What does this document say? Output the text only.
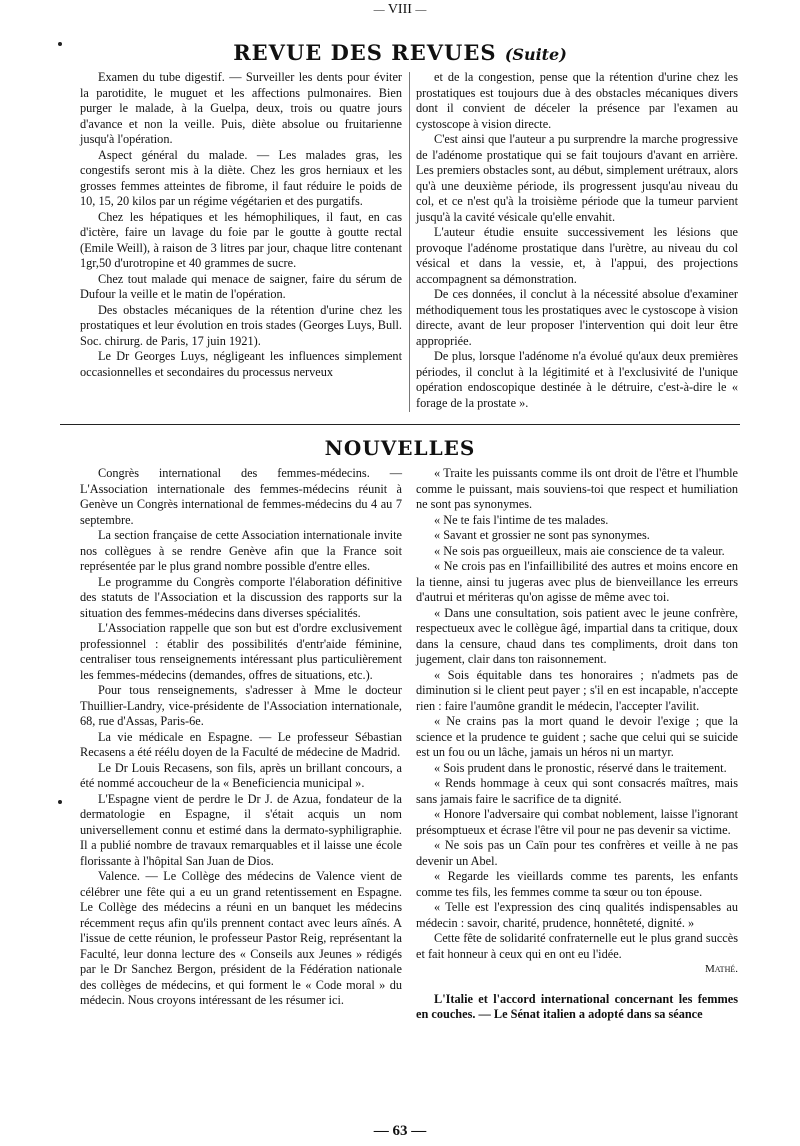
— VIII —
REVUE DES REVUES (Suite)

Examen du tube digestif. — Surveiller les dents pour éviter la parotidite, le muguet et les affections pulmonaires. Bien purger le malade, à la Guelpa, deux, trois ou quatre jours d'avance et non la veille. Puis, diète absolue ou fruitarienne jusqu'à l'opération.

Aspect général du malade. — Les malades gras, les congestifs seront mis à la diète. Chez les gros herniaux et les grosses femmes atteintes de fibrome, il faut réduire le poids de 10, 15, 20 kilos par un régime végétarien et des purgatifs.

Chez les hépatiques et les hémophiliques, il faut, en cas d'ictère, faire un lavage du foie par le goutte à goutte rectal (Emile Weill), à raison de 3 litres par jour, chaque litre contenant 1gr,50 d'urotropine et 40 grammes de sucre.

Chez tout malade qui menace de saigner, faire du sérum de Dufour la veille et le matin de l'opération.

Des obstacles mécaniques de la rétention d'urine chez les prostatiques et leur évolution en trois stades (Georges Luys, Bull. Soc. chirurg. de Paris, 17 juin 1921).

Le Dr Georges Luys, négligeant les influences simplement occasionnelles et secondaires du processus nerveux

et de la congestion, pense que la rétention d'urine chez les prostatiques est toujours due à des obstacles mécaniques divers dont il convient de déceler la présence par l'examen au cystoscope à vision directe.

C'est ainsi que l'auteur a pu surprendre la marche progressive de l'adénome prostatique qui se fait toujours d'avant en arrière. Les premiers obstacles sont, au début, simplement urétraux, alors qu'à une deuxième période, ils progressent jusqu'au niveau du col, et ce n'est qu'à la troisième période que la tumeur parvient jusqu'à la cavité vésicale qu'elle envahit.

L'auteur étudie ensuite successivement les lésions que provoque l'adénome prostatique dans l'urètre, au niveau du col vésical et dans la vessie, et, à l'appui, des projections accompagnent sa démonstration.

De ces données, il conclut à la nécessité absolue d'examiner méthodiquement tous les prostatiques avec le cystoscope à vision directe, avant de leur proposer l'intervention qui doit leur être appropriée.

De plus, lorsque l'adénome n'a évolué qu'aux deux premières périodes, il conclut à la légitimité et à l'exclusivité de l'unique opération endoscopique destinée à le détruire, c'est-à-dire le « forage de la prostate ».

NOUVELLES

Congrès international des femmes-médecins. — L'Association internationale des femmes-médecins réunit à Genève un Congrès international de femmes-médecins du 4 au 7 septembre.

La section française de cette Association internationale invite nos collègues à se rendre Genève afin que la France soit représentée par le plus grand nombre possible d'entre elles.

Le programme du Congrès comporte l'élaboration définitive des statuts de l'Association et la discussion des rapports sur la situation des femmes-médecins dans diverses spécialités.

L'Association rappelle que son but est d'ordre exclusivement professionnel : établir des possibilités d'entr'aide féminine, centraliser tous renseignements intéressant plus particulièrement les femmes-médecins (demandes, offres de situations, etc.).

Pour tous renseignements, s'adresser à Mme le docteur Thuillier-Landry, vice-présidente de l'Association internationale, 68, rue d'Assas, Paris-6e.

La vie médicale en Espagne. — Le professeur Sébastian Recasens a été réélu doyen de la Faculté de médecine de Madrid.

Le Dr Louis Recasens, son fils, après un brillant concours, a été nommé accoucheur de la « Beneficiencia municipal ».

L'Espagne vient de perdre le Dr J. de Azua, fondateur de la dermatologie en Espagne, il s'était acquis un nom universellement connu et estimé dans la dermato-syphiligraphie. Il a publié nombre de travaux remarquables et il laisse une école florissante à l'hôpital San Juan de Dios.

Valence. — Le Collège des médecins de Valence vient de célébrer une fête qui a eu un grand retentissement en Espagne. Le Collège des médecins a réuni en un banquet les médecins récemment reçus afin qu'ils prennent contact avec leurs aînés. A l'issue de cette réunion, le professeur Pastor Reig, représentant la Faculté, leur donna lecture des « Conseils aux Jeunes » rédigés par le Dr Sanchez Bergon, président de la Fédération nationale des collèges de médecins, et qui forment le « Code moral » du médecin. Nous croyons intéressant de les résumer ici.

« Traite les puissants comme ils ont droit de l'être et l'humble comme le puissant, mais souviens-toi que respect et humiliation ne sont pas synonymes.

« Ne te fais l'intime de tes malades.

« Savant et grossier ne sont pas synonymes.

« Ne sois pas orgueilleux, mais aie conscience de ta valeur.

« Ne crois pas en l'infaillibilité des autres et moins encore en la tienne, ainsi tu jugeras avec plus de bienveillance les erreurs d'autrui et mériteras qu'on agisse de même avec toi.

« Dans une consultation, sois patient avec le jeune confrère, respectueux avec le collègue âgé, impartial dans ta critique, doux dans la censure, chaud dans tes compliments, droit dans ton jugement, clair dans ton raisonnement.

« Sois équitable dans tes honoraires ; n'admets pas de diminution si le client peut payer ; s'il en est incapable, n'accepte rien : faire l'aumône grandit le médecin, l'accepter l'avilit.

« Ne crains pas la mort quand le devoir l'exige ; que la science et la prudence te guident ; sache que celui qui se suicide est un fou ou un lâche, jamais un héros ni un martyr.

« Sois prudent dans le pronostic, réservé dans le traitement.

« Rends hommage à ceux qui sont consacrés maîtres, mais sans jamais faire le sacrifice de ta dignité.

« Honore l'adversaire qui combat noblement, laisse l'ignorant présomptueux et écrase l'être vil pour ne pas devenir sa victime.

« Ne sois pas un Caïn pour tes confrères et veille à ne pas devenir un Abel.

« Regarde les vieillards comme tes parents, les enfants comme tes fils, les femmes comme ta sœur ou ton épouse.

« Telle est l'expression des cinq qualités indispensables au médecin : savoir, charité, prudence, honnêteté, dignité. »

Cette fête de solidarité confraternelle eut le plus grand succès et fait honneur à ceux qui en ont eu l'idée.

Mathé.

L'Italie et l'accord international concernant les femmes en couches. — Le Sénat italien a adopté dans sa séance

— 63 —
